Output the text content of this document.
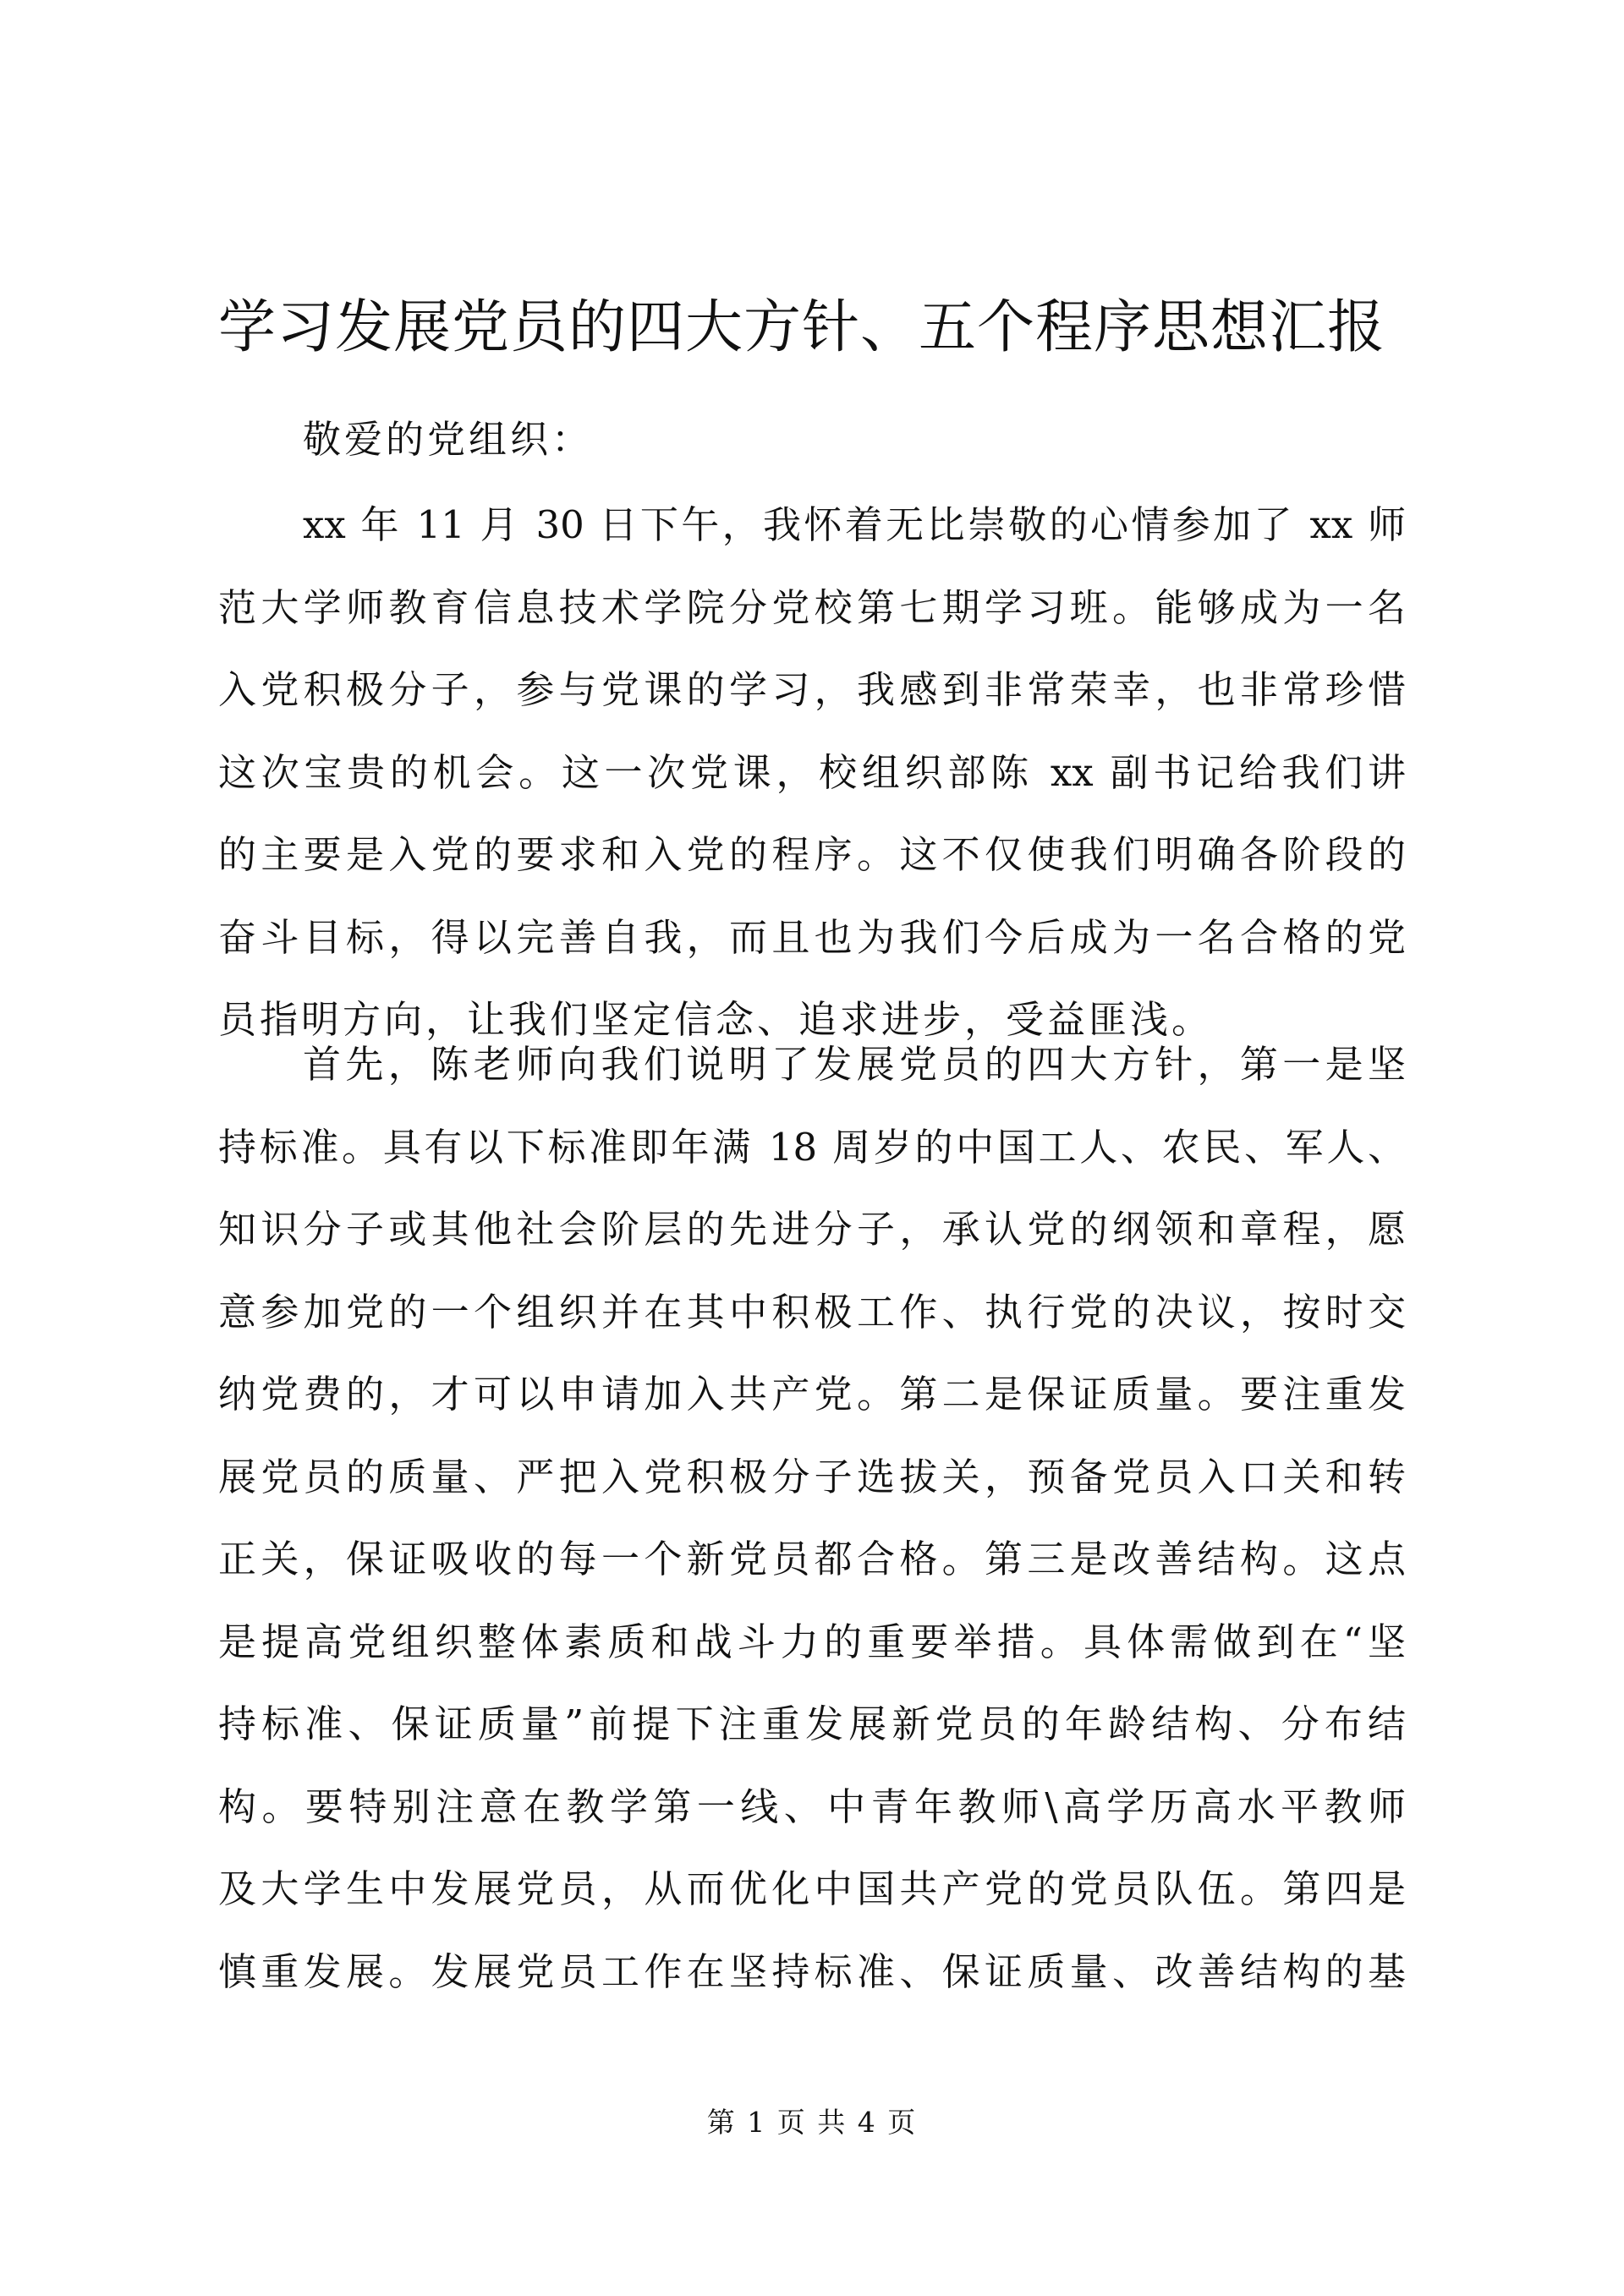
学习发展党员的四大方针、五个程序思想汇报

敬爱的党组织：

xx 年 11 月 30 日下午，我怀着无比崇敬的心情参加了 xx 师
范大学师教育信息技术学院分党校第七期学习班。能够成为一名
入党积极分子，参与党课的学习，我感到非常荣幸，也非常珍惜
这次宝贵的机会。这一次党课，校组织部陈 xx 副书记给我们讲
的主要是入党的要求和入党的程序。这不仅使我们明确各阶段的
奋斗目标，得以完善自我，而且也为我们今后成为一名合格的党
员指明方向，让我们坚定信念、追求进步，受益匪浅。
首先，陈老师向我们说明了发展党员的四大方针，第一是坚
持标准。具有以下标准即年满 18 周岁的中国工人、农民、军人、
知识分子或其他社会阶层的先进分子，承认党的纲领和章程，愿
意参加党的一个组织并在其中积极工作、执行党的决议，按时交
纳党费的，才可以申请加入共产党。第二是保证质量。要注重发
展党员的质量、严把入党积极分子选拔关，预备党员入口关和转
正关，保证吸收的每一个新党员都合格。第三是改善结构。这点
是提高党组织整体素质和战斗力的重要举措。具体需做到在“坚
持标准、保证质量”前提下注重发展新党员的年龄结构、分布结
构。要特别注意在教学第一线、中青年教师\高学历高水平教师
及大学生中发展党员，从而优化中国共产党的党员队伍。第四是
慎重发展。发展党员工作在坚持标准、保证质量、改善结构的基
第 1 页 共 4 页
